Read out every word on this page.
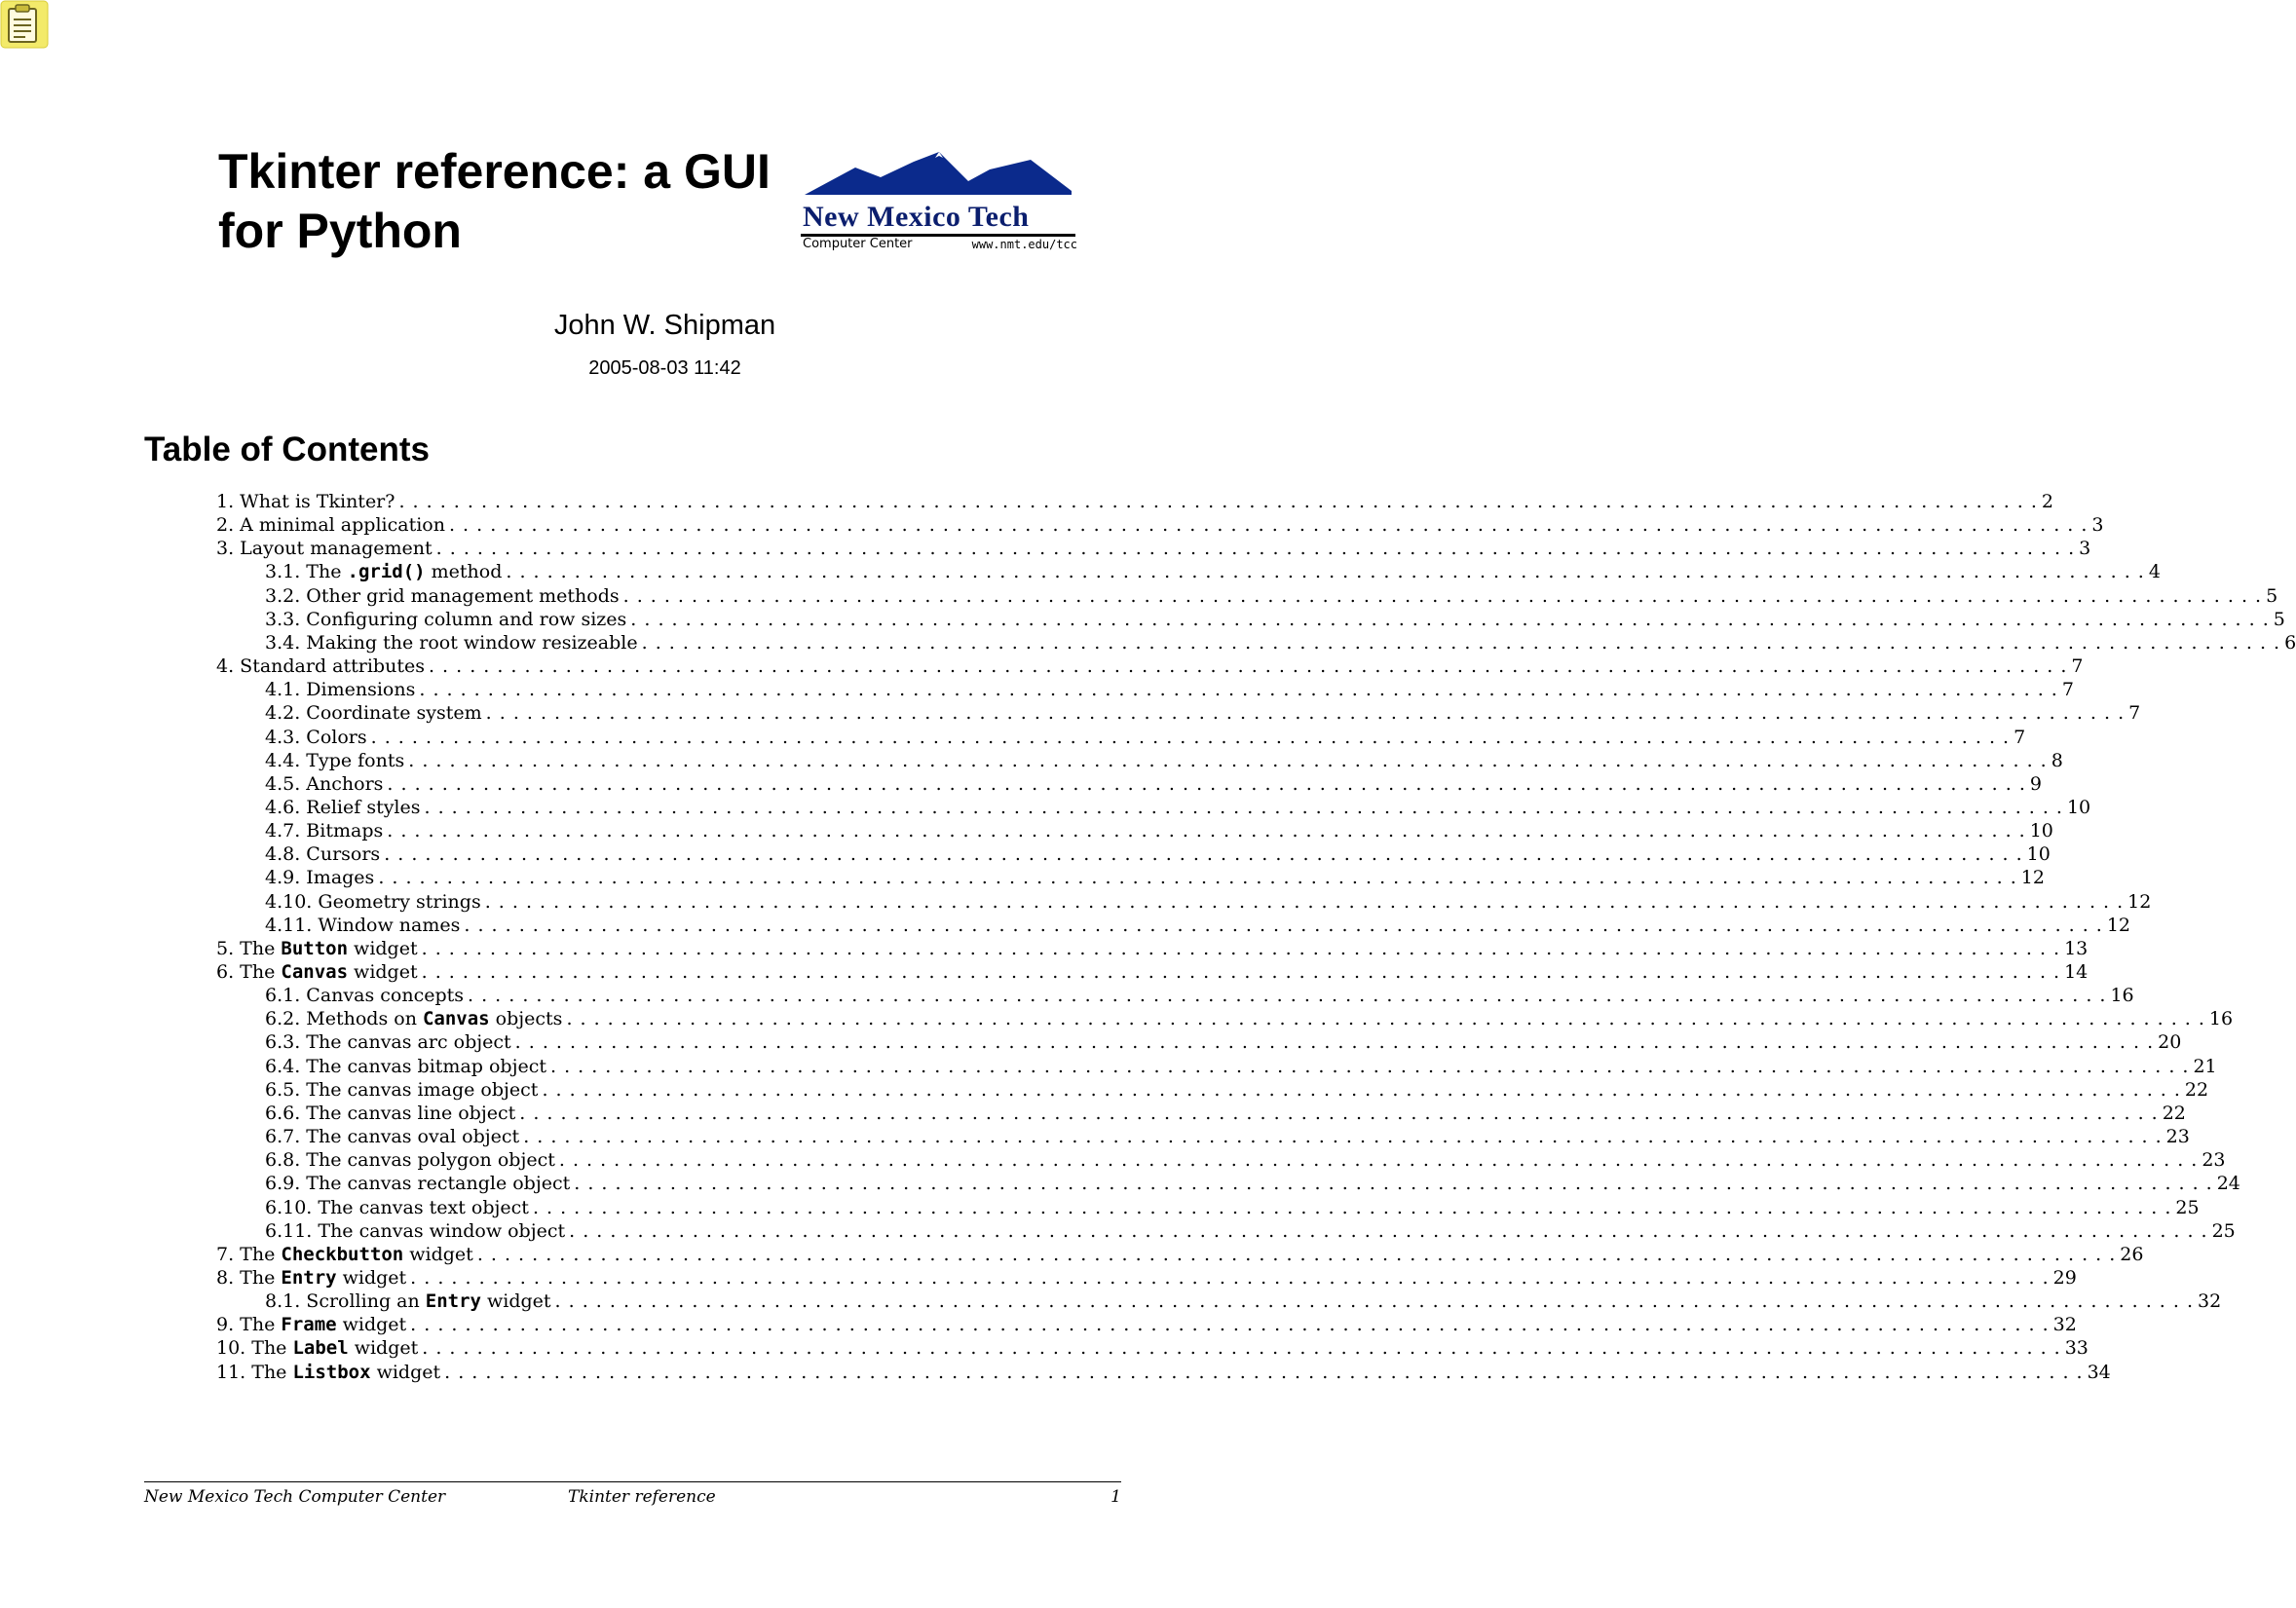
Tkinter reference: a GUI
for Python	New Mexico Tech
Computer Center	www.nmt.edu/tcc
John W. Shipman
2005-08-03 11:42
Table of Contents
1. What is Tkinter? . . . . . . . . . . . . . . . . . . . . . . . . . . . . . . . . . . . . . . . . . . . . . . . . . . . . . . . . . . . . . . . . . . . . . . . . . . . . . . . . . . . . . . . . . . . . . . . . . . . . . . . . . . . . . . . . . . . . . . . . 2
2. A minimal application . . . . . . . . . . . . . . . . . . . . . . . . . . . . . . . . . . . . . . . . . . . . . . . . . . . . . . . . . . . . . . . . . . . . . . . . . . . . . . . . . . . . . . . . . . . . . . . . . . . . . . . . . . . . . . . . . . . . . . . . 3
3. Layout management . . . . . . . . . . . . . . . . . . . . . . . . . . . . . . . . . . . . . . . . . . . . . . . . . . . . . . . . . . . . . . . . . . . . . . . . . . . . . . . . . . . . . . . . . . . . . . . . . . . . . . . . . . . . . . . . . . . . . . . . 3
3.1. The .grid() method . . . . . . . . . . . . . . . . . . . . . . . . . . . . . . . . . . . . . . . . . . . . . . . . . . . . . . . . . . . . . . . . . . . . . . . . . . . . . . . . . . . . . . . . . . . . . . . . . . . . . . . . . . . . . . . . . . . . . . . . 4
3.2. Other grid management methods . . . . . . . . . . . . . . . . . . . . . . . . . . . . . . . . . . . . . . . . . . . . . . . . . . . . . . . . . . . . . . . . . . . . . . . . . . . . . . . . . . . . . . . . . . . . . . . . . . . . . . . . . . . . . . . . . . . . . . . . 5
3.3. Configuring column and row sizes . . . . . . . . . . . . . . . . . . . . . . . . . . . . . . . . . . . . . . . . . . . . . . . . . . . . . . . . . . . . . . . . . . . . . . . . . . . . . . . . . . . . . . . . . . . . . . . . . . . . . . . . . . . . . . . . . . . . . . . . 5
3.4. Making the root window resizeable . . . . . . . . . . . . . . . . . . . . . . . . . . . . . . . . . . . . . . . . . . . . . . . . . . . . . . . . . . . . . . . . . . . . . . . . . . . . . . . . . . . . . . . . . . . . . . . . . . . . . . . . . . . . . . . . . . . . . . . . 6
4. Standard attributes . . . . . . . . . . . . . . . . . . . . . . . . . . . . . . . . . . . . . . . . . . . . . . . . . . . . . . . . . . . . . . . . . . . . . . . . . . . . . . . . . . . . . . . . . . . . . . . . . . . . . . . . . . . . . . . . . . . . . . . . 7
4.1. Dimensions . . . . . . . . . . . . . . . . . . . . . . . . . . . . . . . . . . . . . . . . . . . . . . . . . . . . . . . . . . . . . . . . . . . . . . . . . . . . . . . . . . . . . . . . . . . . . . . . . . . . . . . . . . . . . . . . . . . . . . . . 7
4.2. Coordinate system . . . . . . . . . . . . . . . . . . . . . . . . . . . . . . . . . . . . . . . . . . . . . . . . . . . . . . . . . . . . . . . . . . . . . . . . . . . . . . . . . . . . . . . . . . . . . . . . . . . . . . . . . . . . . . . . . . . . . . . . 7
4.3. Colors . . . . . . . . . . . . . . . . . . . . . . . . . . . . . . . . . . . . . . . . . . . . . . . . . . . . . . . . . . . . . . . . . . . . . . . . . . . . . . . . . . . . . . . . . . . . . . . . . . . . . . . . . . . . . . . . . . . . . . . . 7
4.4. Type fonts . . . . . . . . . . . . . . . . . . . . . . . . . . . . . . . . . . . . . . . . . . . . . . . . . . . . . . . . . . . . . . . . . . . . . . . . . . . . . . . . . . . . . . . . . . . . . . . . . . . . . . . . . . . . . . . . . . . . . . . . 8
4.5. Anchors . . . . . . . . . . . . . . . . . . . . . . . . . . . . . . . . . . . . . . . . . . . . . . . . . . . . . . . . . . . . . . . . . . . . . . . . . . . . . . . . . . . . . . . . . . . . . . . . . . . . . . . . . . . . . . . . . . . . . . . . 9
4.6. Relief styles . . . . . . . . . . . . . . . . . . . . . . . . . . . . . . . . . . . . . . . . . . . . . . . . . . . . . . . . . . . . . . . . . . . . . . . . . . . . . . . . . . . . . . . . . . . . . . . . . . . . . . . . . . . . . . . . . . . . . . . . 10
4.7. Bitmaps . . . . . . . . . . . . . . . . . . . . . . . . . . . . . . . . . . . . . . . . . . . . . . . . . . . . . . . . . . . . . . . . . . . . . . . . . . . . . . . . . . . . . . . . . . . . . . . . . . . . . . . . . . . . . . . . . . . . . . . . 10
4.8. Cursors . . . . . . . . . . . . . . . . . . . . . . . . . . . . . . . . . . . . . . . . . . . . . . . . . . . . . . . . . . . . . . . . . . . . . . . . . . . . . . . . . . . . . . . . . . . . . . . . . . . . . . . . . . . . . . . . . . . . . . . . 10
4.9. Images . . . . . . . . . . . . . . . . . . . . . . . . . . . . . . . . . . . . . . . . . . . . . . . . . . . . . . . . . . . . . . . . . . . . . . . . . . . . . . . . . . . . . . . . . . . . . . . . . . . . . . . . . . . . . . . . . . . . . . . . 12
4.10. Geometry strings . . . . . . . . . . . . . . . . . . . . . . . . . . . . . . . . . . . . . . . . . . . . . . . . . . . . . . . . . . . . . . . . . . . . . . . . . . . . . . . . . . . . . . . . . . . . . . . . . . . . . . . . . . . . . . . . . . . . . . . . 12
4.11. Window names . . . . . . . . . . . . . . . . . . . . . . . . . . . . . . . . . . . . . . . . . . . . . . . . . . . . . . . . . . . . . . . . . . . . . . . . . . . . . . . . . . . . . . . . . . . . . . . . . . . . . . . . . . . . . . . . . . . . . . . . 12
5. The Button widget . . . . . . . . . . . . . . . . . . . . . . . . . . . . . . . . . . . . . . . . . . . . . . . . . . . . . . . . . . . . . . . . . . . . . . . . . . . . . . . . . . . . . . . . . . . . . . . . . . . . . . . . . . . . . . . . . . . . . . . . 13
6. The Canvas widget . . . . . . . . . . . . . . . . . . . . . . . . . . . . . . . . . . . . . . . . . . . . . . . . . . . . . . . . . . . . . . . . . . . . . . . . . . . . . . . . . . . . . . . . . . . . . . . . . . . . . . . . . . . . . . . . . . . . . . . . 14
6.1. Canvas concepts . . . . . . . . . . . . . . . . . . . . . . . . . . . . . . . . . . . . . . . . . . . . . . . . . . . . . . . . . . . . . . . . . . . . . . . . . . . . . . . . . . . . . . . . . . . . . . . . . . . . . . . . . . . . . . . . . . . . . . . . 16
6.2. Methods on Canvas objects . . . . . . . . . . . . . . . . . . . . . . . . . . . . . . . . . . . . . . . . . . . . . . . . . . . . . . . . . . . . . . . . . . . . . . . . . . . . . . . . . . . . . . . . . . . . . . . . . . . . . . . . . . . . . . . . . . . . . . . . 16
6.3. The canvas arc object . . . . . . . . . . . . . . . . . . . . . . . . . . . . . . . . . . . . . . . . . . . . . . . . . . . . . . . . . . . . . . . . . . . . . . . . . . . . . . . . . . . . . . . . . . . . . . . . . . . . . . . . . . . . . . . . . . . . . . . . 20
6.4. The canvas bitmap object . . . . . . . . . . . . . . . . . . . . . . . . . . . . . . . . . . . . . . . . . . . . . . . . . . . . . . . . . . . . . . . . . . . . . . . . . . . . . . . . . . . . . . . . . . . . . . . . . . . . . . . . . . . . . . . . . . . . . . . . 21
6.5. The canvas image object . . . . . . . . . . . . . . . . . . . . . . . . . . . . . . . . . . . . . . . . . . . . . . . . . . . . . . . . . . . . . . . . . . . . . . . . . . . . . . . . . . . . . . . . . . . . . . . . . . . . . . . . . . . . . . . . . . . . . . . . 22
6.6. The canvas line object . . . . . . . . . . . . . . . . . . . . . . . . . . . . . . . . . . . . . . . . . . . . . . . . . . . . . . . . . . . . . . . . . . . . . . . . . . . . . . . . . . . . . . . . . . . . . . . . . . . . . . . . . . . . . . . . . . . . . . . . 22
6.7. The canvas oval object . . . . . . . . . . . . . . . . . . . . . . . . . . . . . . . . . . . . . . . . . . . . . . . . . . . . . . . . . . . . . . . . . . . . . . . . . . . . . . . . . . . . . . . . . . . . . . . . . . . . . . . . . . . . . . . . . . . . . . . . 23
6.8. The canvas polygon object . . . . . . . . . . . . . . . . . . . . . . . . . . . . . . . . . . . . . . . . . . . . . . . . . . . . . . . . . . . . . . . . . . . . . . . . . . . . . . . . . . . . . . . . . . . . . . . . . . . . . . . . . . . . . . . . . . . . . . . . 23
6.9. The canvas rectangle object . . . . . . . . . . . . . . . . . . . . . . . . . . . . . . . . . . . . . . . . . . . . . . . . . . . . . . . . . . . . . . . . . . . . . . . . . . . . . . . . . . . . . . . . . . . . . . . . . . . . . . . . . . . . . . . . . . . . . . . . 24
6.10. The canvas text object . . . . . . . . . . . . . . . . . . . . . . . . . . . . . . . . . . . . . . . . . . . . . . . . . . . . . . . . . . . . . . . . . . . . . . . . . . . . . . . . . . . . . . . . . . . . . . . . . . . . . . . . . . . . . . . . . . . . . . . . 25
6.11. The canvas window object . . . . . . . . . . . . . . . . . . . . . . . . . . . . . . . . . . . . . . . . . . . . . . . . . . . . . . . . . . . . . . . . . . . . . . . . . . . . . . . . . . . . . . . . . . . . . . . . . . . . . . . . . . . . . . . . . . . . . . . . 25
7. The Checkbutton widget . . . . . . . . . . . . . . . . . . . . . . . . . . . . . . . . . . . . . . . . . . . . . . . . . . . . . . . . . . . . . . . . . . . . . . . . . . . . . . . . . . . . . . . . . . . . . . . . . . . . . . . . . . . . . . . . . . . . . . . . 26
8. The Entry widget . . . . . . . . . . . . . . . . . . . . . . . . . . . . . . . . . . . . . . . . . . . . . . . . . . . . . . . . . . . . . . . . . . . . . . . . . . . . . . . . . . . . . . . . . . . . . . . . . . . . . . . . . . . . . . . . . . . . . . . . 29
8.1. Scrolling an Entry widget . . . . . . . . . . . . . . . . . . . . . . . . . . . . . . . . . . . . . . . . . . . . . . . . . . . . . . . . . . . . . . . . . . . . . . . . . . . . . . . . . . . . . . . . . . . . . . . . . . . . . . . . . . . . . . . . . . . . . . . . 32
9. The Frame widget . . . . . . . . . . . . . . . . . . . . . . . . . . . . . . . . . . . . . . . . . . . . . . . . . . . . . . . . . . . . . . . . . . . . . . . . . . . . . . . . . . . . . . . . . . . . . . . . . . . . . . . . . . . . . . . . . . . . . . . . 32
10. The Label widget . . . . . . . . . . . . . . . . . . . . . . . . . . . . . . . . . . . . . . . . . . . . . . . . . . . . . . . . . . . . . . . . . . . . . . . . . . . . . . . . . . . . . . . . . . . . . . . . . . . . . . . . . . . . . . . . . . . . . . . . 33
11. The Listbox widget . . . . . . . . . . . . . . . . . . . . . . . . . . . . . . . . . . . . . . . . . . . . . . . . . . . . . . . . . . . . . . . . . . . . . . . . . . . . . . . . . . . . . . . . . . . . . . . . . . . . . . . . . . . . . . . . . . . . . . . . 34
New Mexico Tech Computer Center	Tkinter reference	1
